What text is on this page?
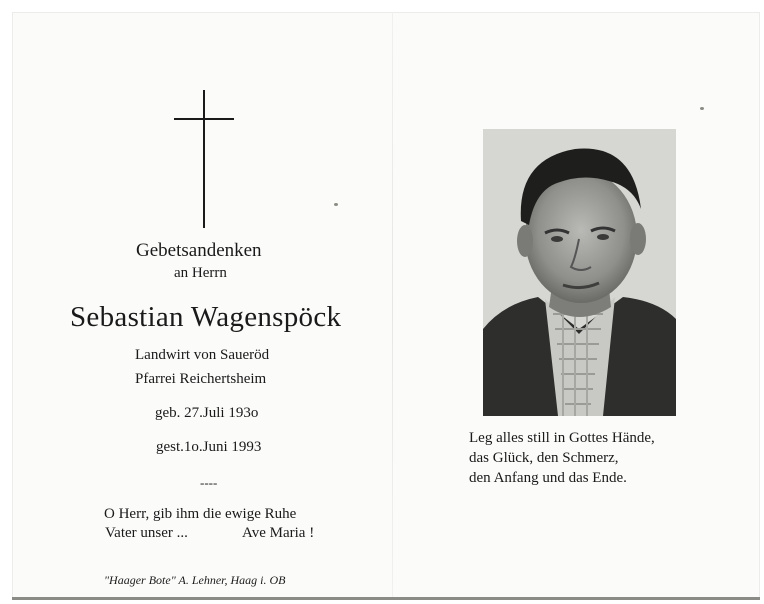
Gebetsandenken
an Herrn
Sebastian Wagenspöck
Landwirt von Saueröd
Pfarrei Reichertsheim
geb. 27.Juli 193o
gest.1o.Juni 1993
----
O Herr, gib ihm die ewige Ruhe
Vater unser ...	Ave Maria !
"Haager Bote" A. Lehner, Haag i. OB
Leg alles still in Gottes Hände,
das Glück, den Schmerz,
den Anfang und das Ende.
